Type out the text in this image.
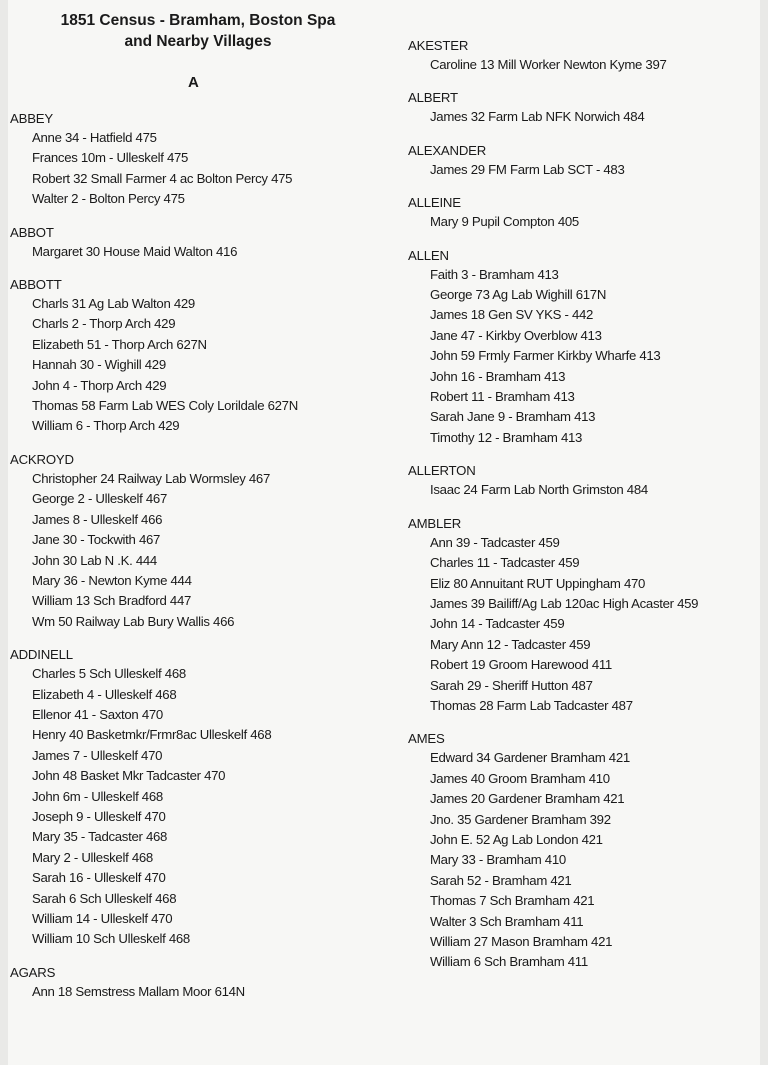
1851 Census - Bramham, Boston Spa
and Nearby Villages
A
ABBEY
Anne 34 - Hatfield 475
Frances 10m - Ulleskelf 475
Robert 32 Small Farmer 4 ac Bolton Percy 475
Walter 2 - Bolton Percy 475
ABBOT
Margaret 30 House Maid Walton 416
ABBOTT
Charls 31 Ag Lab Walton 429
Charls 2 - Thorp Arch 429
Elizabeth 51 - Thorp Arch 627N
Hannah 30 - Wighill 429
John 4 - Thorp Arch 429
Thomas 58 Farm Lab WES Coly Lorildale 627N
William 6 - Thorp Arch 429
ACKROYD
Christopher 24 Railway Lab Wormsley 467
George 2 - Ulleskelf 467
James 8 - Ulleskelf 466
Jane 30 - Tockwith 467
John 30 Lab N .K. 444
Mary 36 - Newton Kyme 444
William 13 Sch Bradford 447
Wm 50 Railway Lab Bury Wallis 466
ADDINELL
Charles 5 Sch Ulleskelf 468
Elizabeth 4 - Ulleskelf 468
Ellenor 41 - Saxton 470
Henry 40 Basketmkr/Frmr8ac Ulleskelf 468
James 7 - Ulleskelf 470
John 48 Basket Mkr Tadcaster 470
John 6m - Ulleskelf 468
Joseph 9 - Ulleskelf 470
Mary 35 - Tadcaster 468
Mary 2 - Ulleskelf 468
Sarah 16 - Ulleskelf 470
Sarah 6 Sch Ulleskelf 468
William 14 - Ulleskelf 470
William 10 Sch Ulleskelf 468
AGARS
Ann 18 Semstress Mallam Moor 614N
AKESTER
Caroline 13 Mill Worker Newton Kyme 397
ALBERT
James 32 Farm Lab NFK Norwich 484
ALEXANDER
James 29 FM Farm Lab SCT - 483
ALLEINE
Mary 9 Pupil Compton 405
ALLEN
Faith 3 - Bramham 413
George 73 Ag Lab Wighill 617N
James 18 Gen SV YKS - 442
Jane 47 - Kirkby Overblow 413
John 59 Frmly Farmer Kirkby Wharfe 413
John 16 - Bramham 413
Robert 11 - Bramham 413
Sarah Jane 9 - Bramham 413
Timothy 12 - Bramham 413
ALLERTON
Isaac 24 Farm Lab North Grimston 484
AMBLER
Ann 39 - Tadcaster 459
Charles 11 - Tadcaster 459
Eliz 80 Annuitant RUT Uppingham 470
James 39 Bailiff/Ag Lab 120ac High Acaster 459
John 14 - Tadcaster 459
Mary Ann 12 - Tadcaster 459
Robert 19 Groom Harewood 411
Sarah 29 - Sheriff Hutton 487
Thomas 28 Farm Lab Tadcaster 487
AMES
Edward 34 Gardener Bramham 421
James 40 Groom Bramham 410
James 20 Gardener Bramham 421
Jno. 35 Gardener Bramham 392
John E. 52 Ag Lab London 421
Mary 33 - Bramham 410
Sarah 52 - Bramham 421
Thomas 7 Sch Bramham 421
Walter 3 Sch Bramham 411
William 27 Mason Bramham 421
William 6 Sch Bramham 411
